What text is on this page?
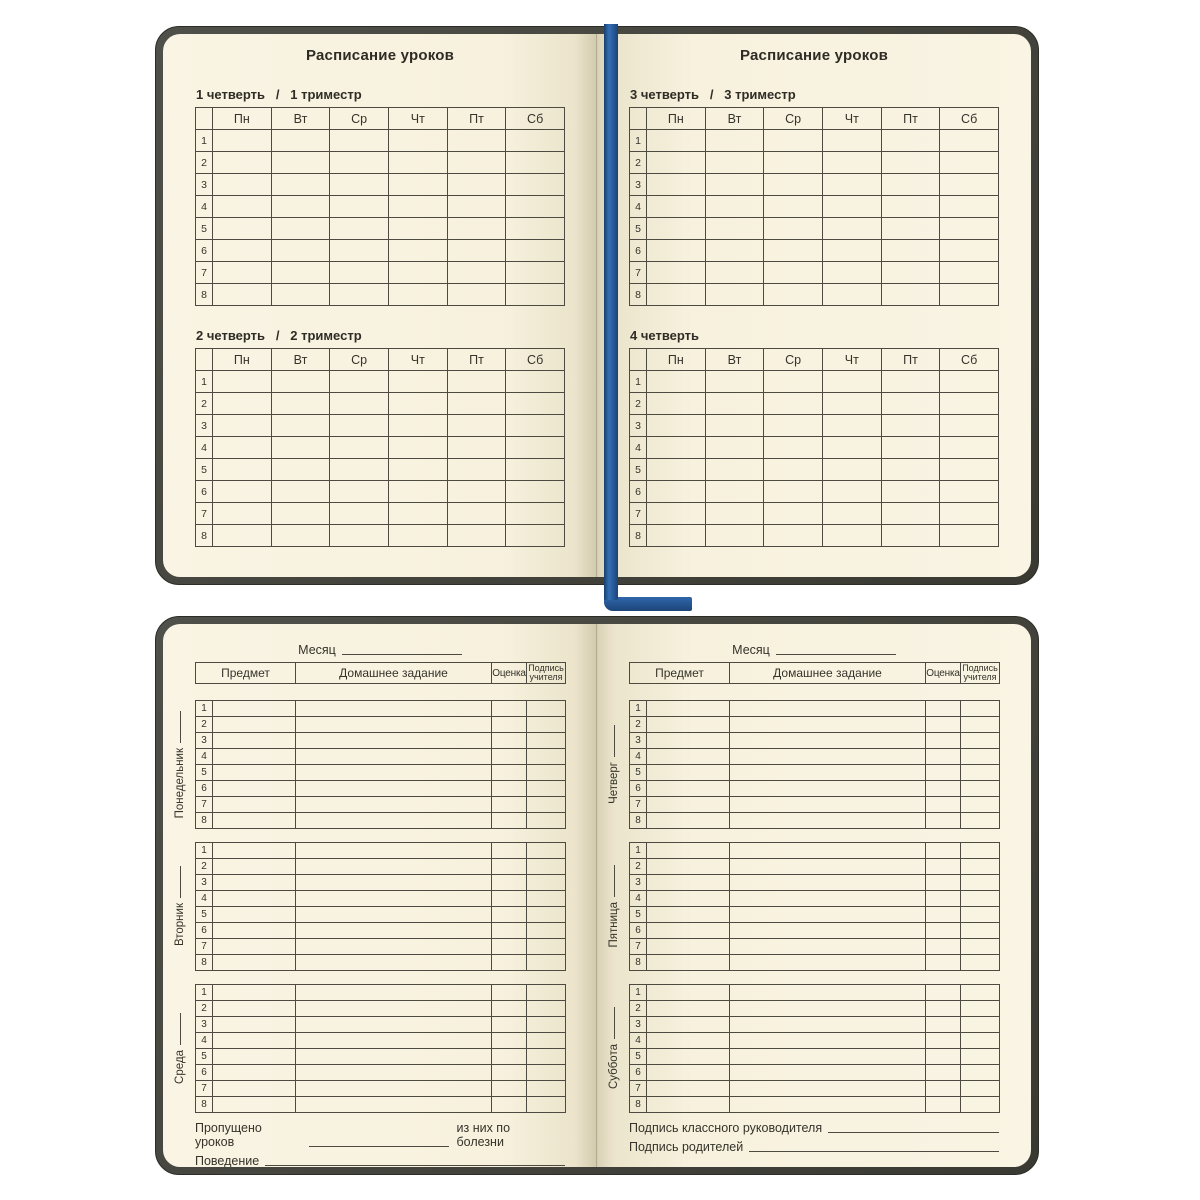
Расписание уроков
1 четверть   /   1 триместр
	Пн	Вт	Ср	Чт	Пт	Сб
1						
2						
3						
4						
5						
6						
7						
8						
2 четверть   /   2 триместр
	Пн	Вт	Ср	Чт	Пт	Сб
1						
2						
3						
4						
5						
6						
7						
8						
Расписание уроков
3 четверть   /   3 триместр
	Пн	Вт	Ср	Чт	Пт	Сб
1						
2						
3						
4						
5						
6						
7						
8						
4 четверть
	Пн	Вт	Ср	Чт	Пт	Сб
1						
2						
3						
4						
5						
6						
7						
8						
Месяц
Предмет	Домашнее задание	Оценка	Подпись
учителя
Понедельник
1				
2				
3				
4				
5				
6				
7				
8				
Вторник
1				
2				
3				
4				
5				
6				
7				
8				
Среда
1				
2				
3				
4				
5				
6				
7				
8				
Пропущено уроков
из них по болезни
Поведение
Месяц
Предмет	Домашнее задание	Оценка	Подпись
учителя
Четверг
1				
2				
3				
4				
5				
6				
7				
8				
Пятница
1				
2				
3				
4				
5				
6				
7				
8				
Суббота
1				
2				
3				
4				
5				
6				
7				
8				
Подпись классного руководителя
Подпись родителей
